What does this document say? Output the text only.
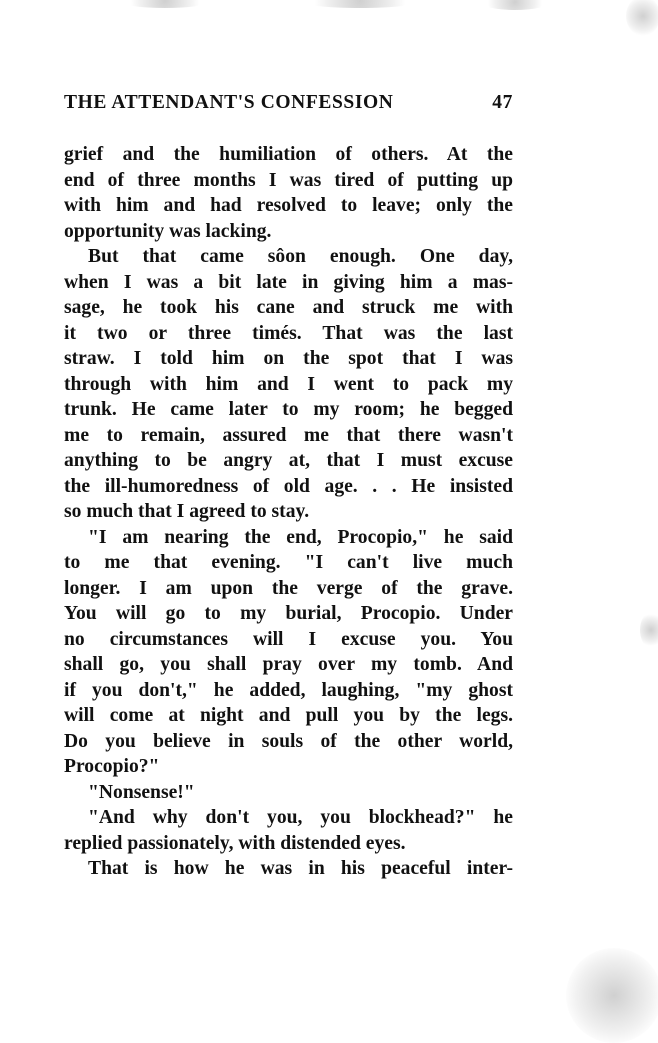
THE ATTENDANT'S CONFESSION	47
grief and the humiliation of others. At the
end of three months I was tired of putting up
with him and had resolved to leave; only the
opportunity was lacking.
But that came sôon enough. One day,
when I was a bit late in giving him a mas-
sage, he took his cane and struck me with
it two or three timés. That was the last
straw. I told him on the spot that I was
through with him and I went to pack my
trunk. He came later to my room; he begged
me to remain, assured me that there wasn't
anything to be angry at, that I must excuse
the ill-humoredness of old age. . . He insisted
so much that I agreed to stay.
"I am nearing the end, Procopio," he said
to me that evening. "I can't live much
longer. I am upon the verge of the grave.
You will go to my burial, Procopio. Under
no circumstances will I excuse you. You
shall go, you shall pray over my tomb. And
if you don't," he added, laughing, "my ghost
will come at night and pull you by the legs.
Do you believe in souls of the other world,
Procopio?"
"Nonsense!"
"And why don't you, you blockhead?" he
replied passionately, with distended eyes.
That is how he was in his peaceful inter-
